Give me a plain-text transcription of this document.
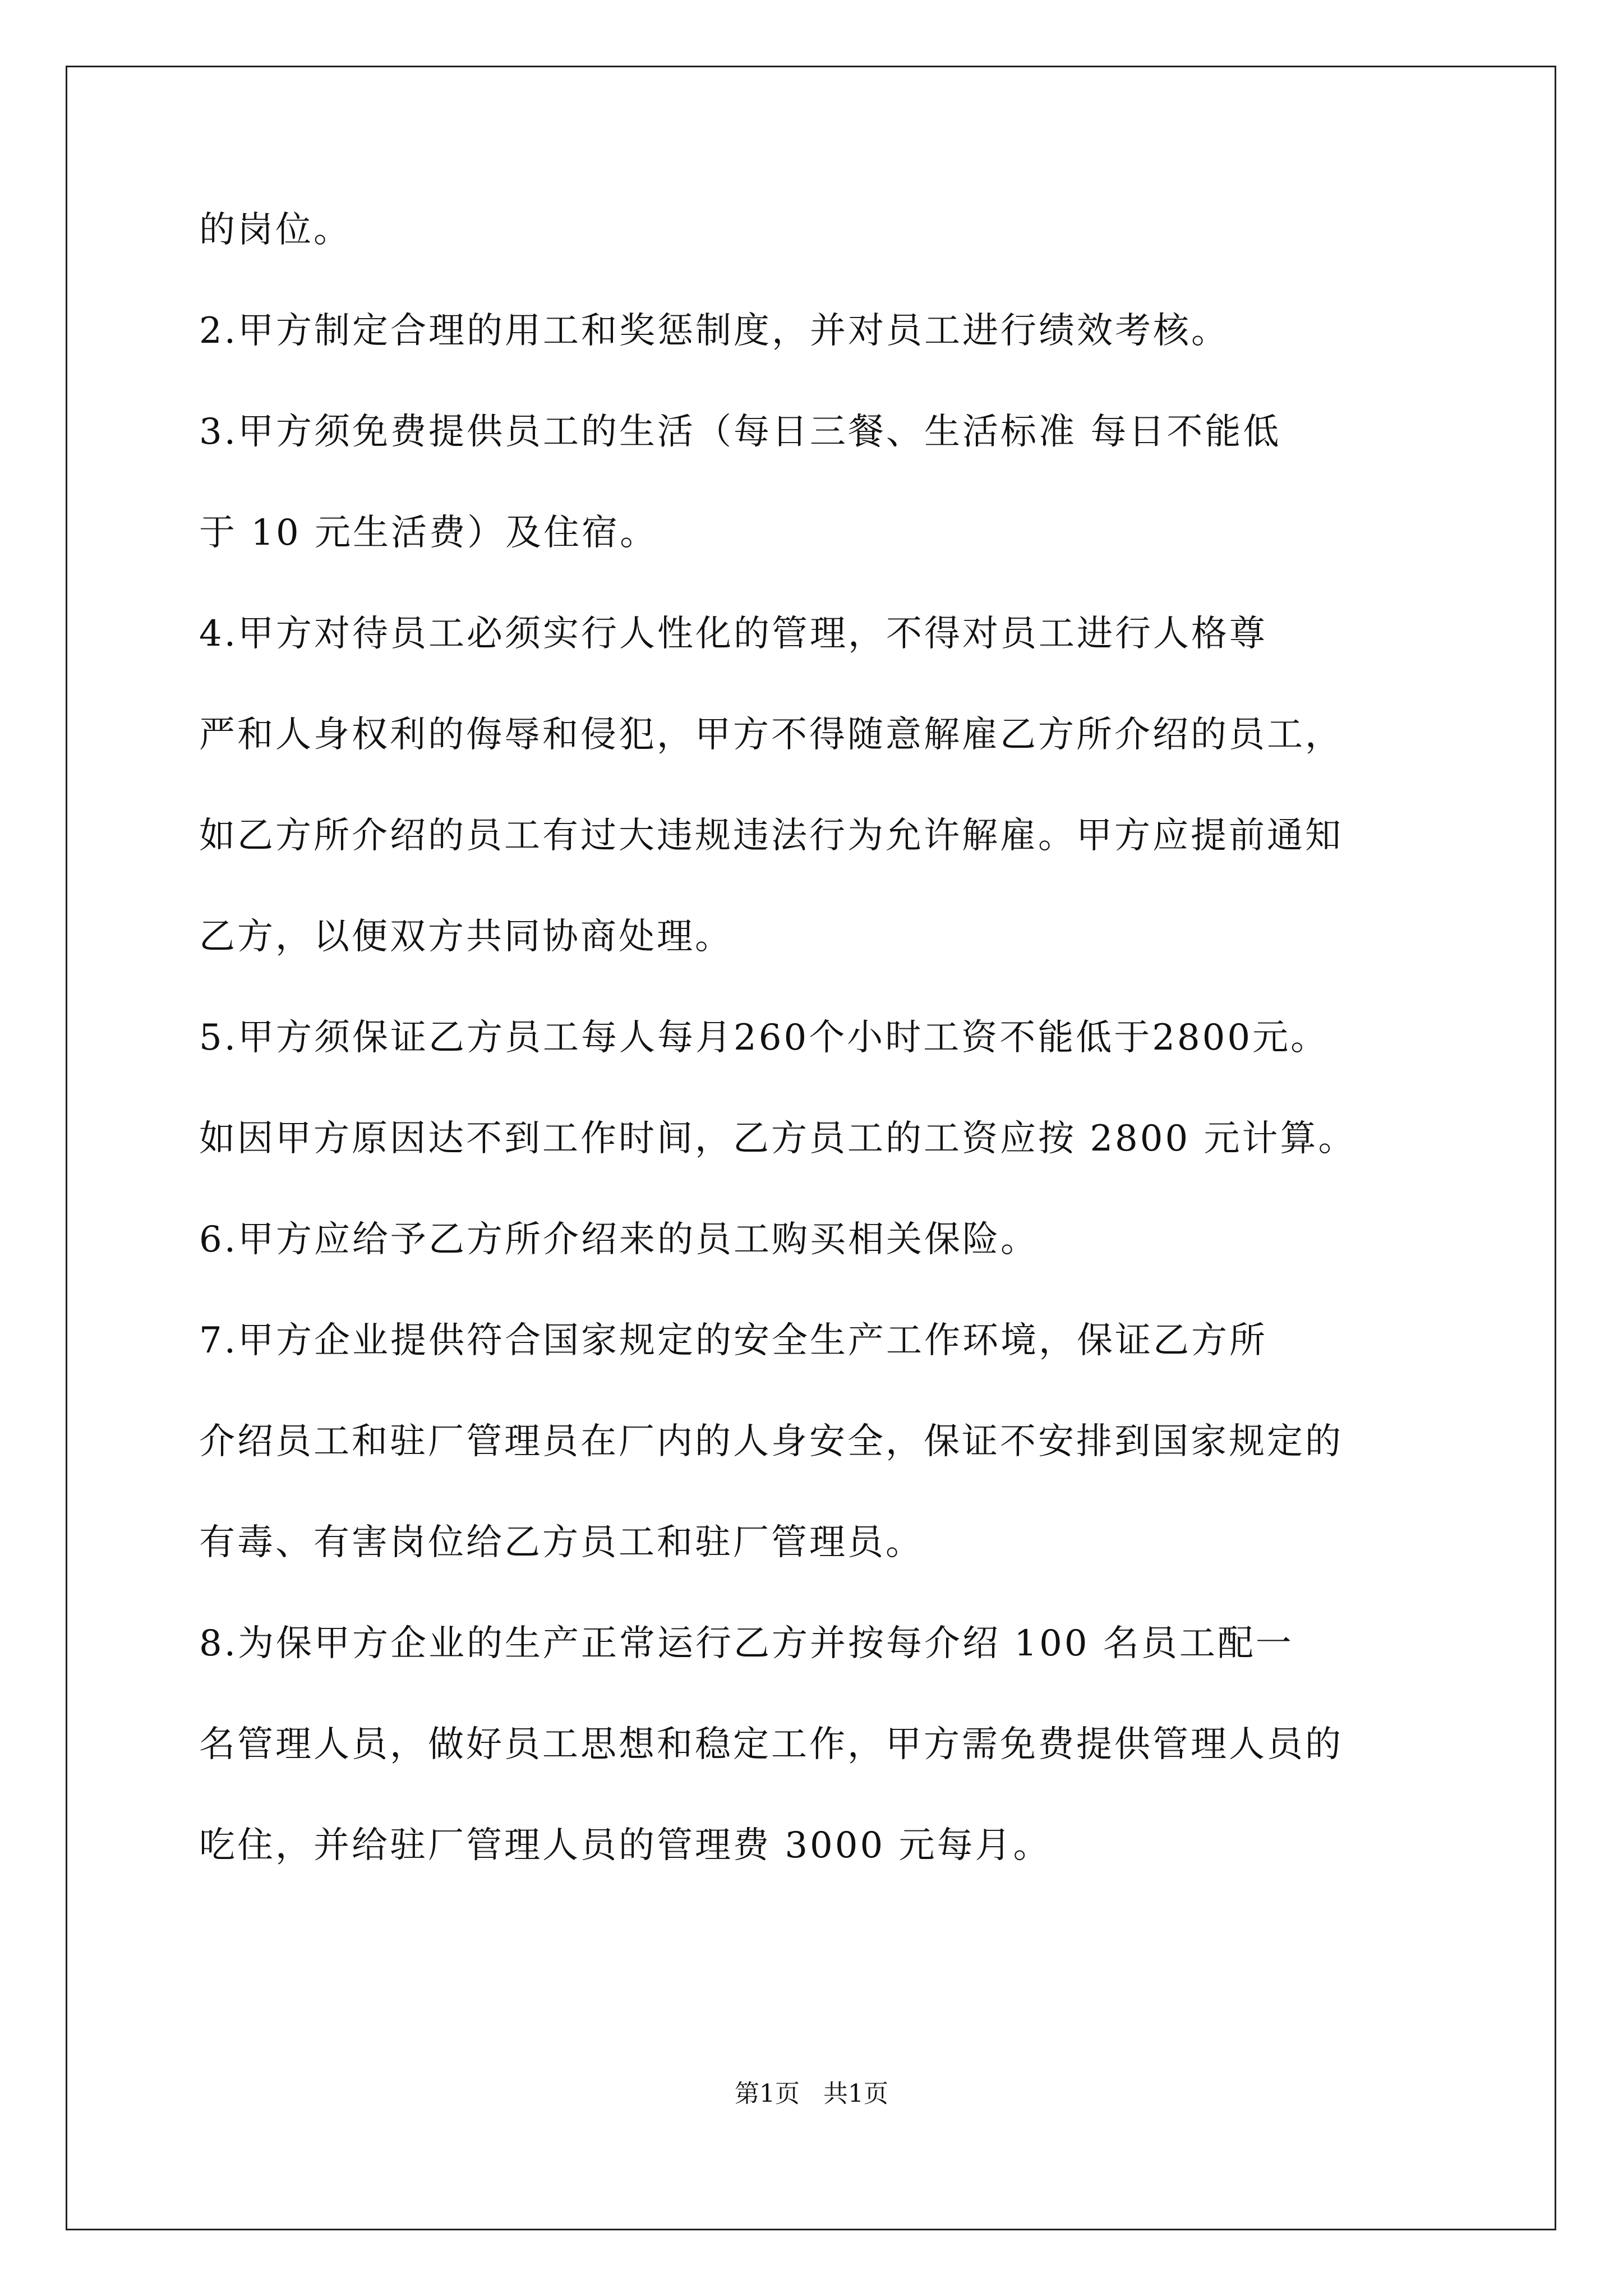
的岗位。
2.甲方制定合理的用工和奖惩制度，并对员工进行绩效考核。
3.甲方须免费提供员工的生活（每日三餐、生活标准 每日不能低
于 10 元生活费）及住宿。
4.甲方对待员工必须实行人性化的管理，不得对员工进行人格尊
严和人身权利的侮辱和侵犯，甲方不得随意解雇乙方所介绍的员工，
如乙方所介绍的员工有过大违规违法行为允许解雇。甲方应提前通知
乙方，以便双方共同协商处理。
5.甲方须保证乙方员工每人每月260个小时工资不能低于2800元。
如因甲方原因达不到工作时间，乙方员工的工资应按 2800 元计算。
6.甲方应给予乙方所介绍来的员工购买相关保险。
7.甲方企业提供符合国家规定的安全生产工作环境，保证乙方所
介绍员工和驻厂管理员在厂内的人身安全，保证不安排到国家规定的
有毒、有害岗位给乙方员工和驻厂管理员。
8.为保甲方企业的生产正常运行乙方并按每介绍 100 名员工配一
名管理人员，做好员工思想和稳定工作，甲方需免费提供管理人员的
吃住，并给驻厂管理人员的管理费 3000 元每月。
第1页   共1页
